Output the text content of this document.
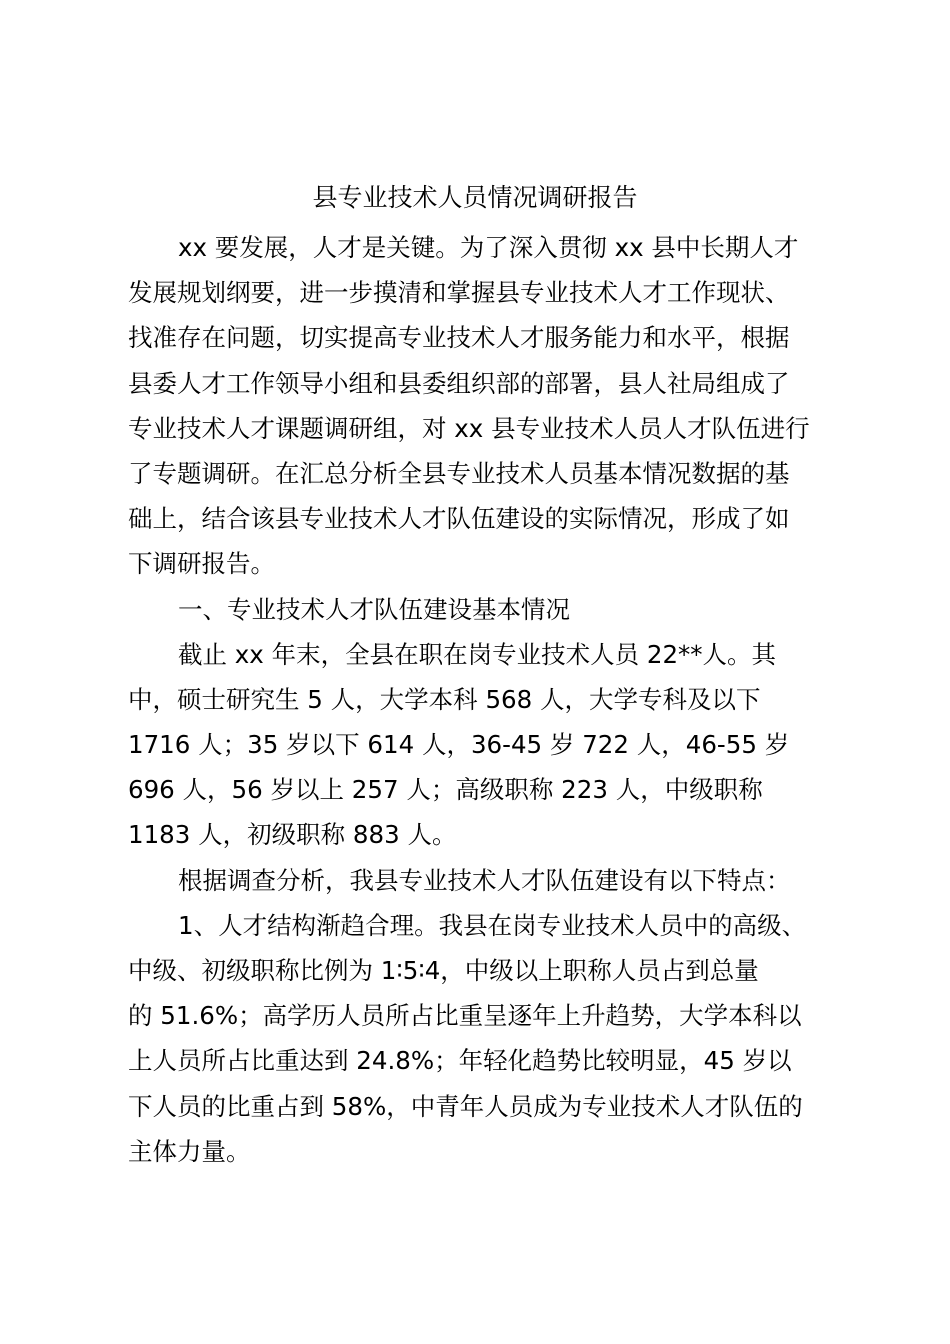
县专业技术人员情况调研报告
xx 要发展，人才是关键。为了深入贯彻 xx 县中长期人才
发展规划纲要，进一步摸清和掌握县专业技术人才工作现状、
找准存在问题，切实提高专业技术人才服务能力和水平，根据
县委人才工作领导小组和县委组织部的部署，县人社局组成了
专业技术人才课题调研组，对 xx 县专业技术人员人才队伍进行
了专题调研。在汇总分析全县专业技术人员基本情况数据的基
础上，结合该县专业技术人才队伍建设的实际情况，形成了如
下调研报告。
一、专业技术人才队伍建设基本情况
截止 xx 年末，全县在职在岗专业技术人员 22**人。其
中，硕士研究生 5 人，大学本科 568 人，大学专科及以下
1716 人；35 岁以下 614 人，36-45 岁 722 人，46-55 岁
696 人，56 岁以上 257 人；高级职称 223 人，中级职称
1183 人，初级职称 883 人。
根据调查分析，我县专业技术人才队伍建设有以下特点：
1、人才结构渐趋合理。我县在岗专业技术人员中的高级、
中级、初级职称比例为 1∶5∶4，中级以上职称人员占到总量
的 51.6%；高学历人员所占比重呈逐年上升趋势，大学本科以
上人员所占比重达到 24.8%；年轻化趋势比较明显，45 岁以
下人员的比重占到 58%，中青年人员成为专业技术人才队伍的
主体力量。
